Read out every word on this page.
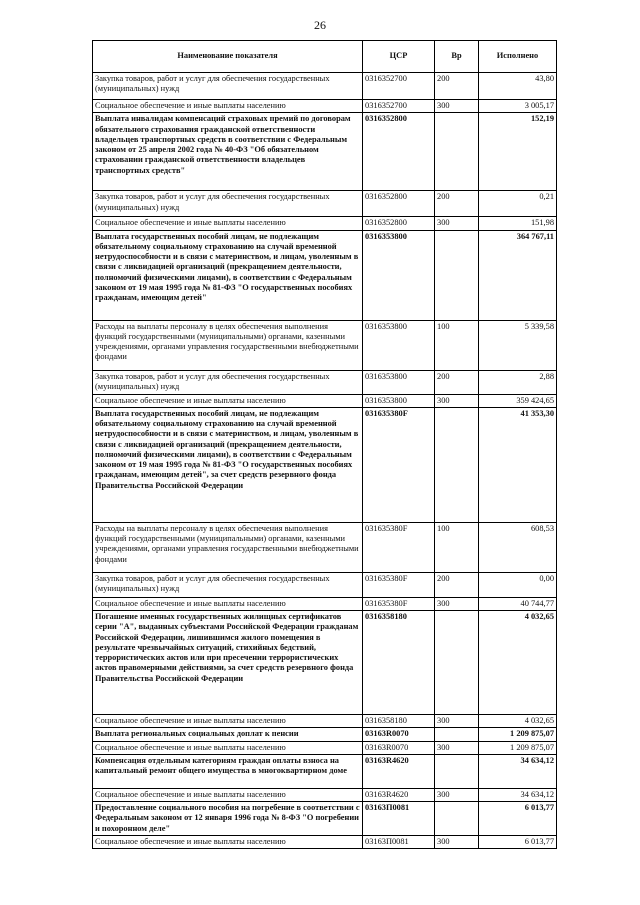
26
Наименование показателя	ЦСР	Вр	Исполнено
Закупка товаров, работ и услуг для обеспечения государственных (муниципальных) нужд	0316352700	200	43,80
Социальное обеспечение и иные выплаты населению	0316352700	300	3 005,17
Выплата инвалидам компенсаций страховых премий по договорам обязательного страхования гражданской ответственности владельцев транспортных средств в соответствии с Федеральным законом от 25 апреля 2002 года № 40-ФЗ "Об обязательном страховании гражданской ответственности владельцев транспортных средств"	0316352800		152,19
Закупка товаров, работ и услуг для обеспечения государственных (муниципальных) нужд	0316352800	200	0,21
Социальное обеспечение и иные выплаты населению	0316352800	300	151,98
Выплата государственных пособий лицам, не подлежащим обязательному социальному страхованию на случай временной нетрудоспособности и в связи с материнством, и лицам, уволенным в связи с ликвидацией организаций (прекращением деятельности, полномочий физическими лицами), в соответствии с Федеральным законом от 19 мая 1995 года № 81-ФЗ "О государственных пособиях гражданам, имеющим детей"	0316353800		364 767,11
Расходы на выплаты персоналу в целях обеспечения выполнения функций государственными (муниципальными) органами, казенными учреждениями, органами управления государственными внебюджетными фондами	0316353800	100	5 339,58
Закупка товаров, работ и услуг для обеспечения государственных (муниципальных) нужд	0316353800	200	2,88
Социальное обеспечение и иные выплаты населению	0316353800	300	359 424,65
Выплата государственных пособий лицам, не подлежащим обязательному социальному страхованию на случай временной нетрудоспособности и в связи с материнством, и лицам, уволенным в связи с ликвидацией организаций (прекращением деятельности, полномочий физическими лицами), в соответствии с Федеральным законом от 19 мая 1995 года № 81-ФЗ "О государственных пособиях гражданам, имеющим детей", за счет средств резервного фонда Правительства Российской Федерации	031635380F		41 353,30
Расходы на выплаты персоналу в целях обеспечения выполнения функций государственными (муниципальными) органами, казенными учреждениями, органами управления государственными внебюджетными фондами	031635380F	100	608,53
Закупка товаров, работ и услуг для обеспечения государственных (муниципальных) нужд	031635380F	200	0,00
Социальное обеспечение и иные выплаты населению	031635380F	300	40 744,77
Погашение именных государственных жилищных сертификатов серии "А", выданных субъектами Российской Федерации гражданам Российской Федерации, лишившимся жилого помещения в результате чрезвычайных ситуаций, стихийных бедствий, террористических актов или при пресечении террористических актов правомерными действиями, за счет средств резервного фонда Правительства Российской Федерации	0316358180		4 032,65
Социальное обеспечение и иные выплаты населению	0316358180	300	4 032,65
Выплата региональных социальных доплат к пенсии	03163R0070		1 209 875,07
Социальное обеспечение и иные выплаты населению	03163R0070	300	1 209 875,07
Компенсация отдельным категориям граждан оплаты взноса на капитальный ремонт общего имущества в многоквартирном доме	03163R4620		34 634,12
Социальное обеспечение и иные выплаты населению	03163R4620	300	34 634,12
Предоставление социального пособия на погребение в соответствии с Федеральным законом от 12 января 1996 года № 8-ФЗ "О погребении и похоронном деле"	03163П0081		6 013,77
Социальное обеспечение и иные выплаты населению	03163П0081	300	6 013,77
